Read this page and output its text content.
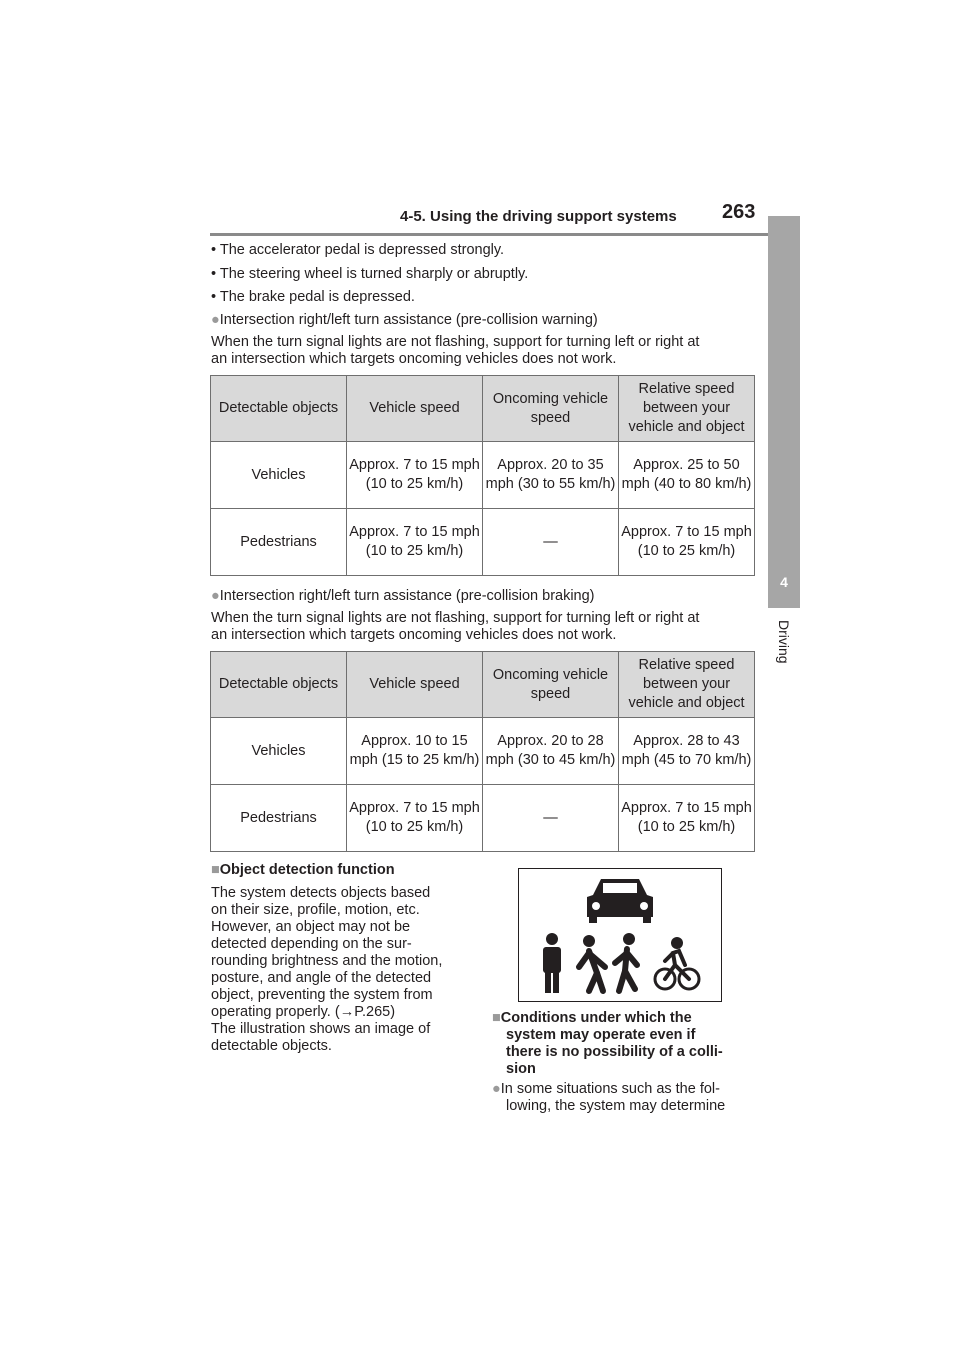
4-5. Using the driving support systems 263
4
Driving
• The accelerator pedal is depressed strongly.
• The steering wheel is turned sharply or abruptly.
• The brake pedal is depressed.
●Intersection right/left turn assistance (pre-collision warning)
When the turn signal lights are not flashing, support for turning left or right at
an intersection which targets oncoming vehicles does not work.
Detectable objects	Vehicle speed	Oncoming vehicle speed	Relative speed between your vehicle and object
Vehicles	Approx. 7 to 15 mph (10 to 25 km/h)	Approx. 20 to 35 mph (30 to 55 km/h)	Approx. 25 to 50 mph (40 to 80 km/h)
Pedestrians	Approx. 7 to 15 mph (10 to 25 km/h)	—	Approx. 7 to 15 mph (10 to 25 km/h)
●Intersection right/left turn assistance (pre-collision braking)
When the turn signal lights are not flashing, support for turning left or right at
an intersection which targets oncoming vehicles does not work.
Detectable objects	Vehicle speed	Oncoming vehicle speed	Relative speed between your vehicle and object
Vehicles	Approx. 10 to 15 mph (15 to 25 km/h)	Approx. 20 to 28 mph (30 to 45 km/h)	Approx. 28 to 43 mph (45 to 70 km/h)
Pedestrians	Approx. 7 to 15 mph (10 to 25 km/h)	—	Approx. 7 to 15 mph (10 to 25 km/h)
■Object detection function
The system detects objects based
on their size, profile, motion, etc.
However, an object may not be
detected depending on the sur-
rounding brightness and the motion,
posture, and angle of the detected
object, preventing the system from
operating properly. (→P.265)
The illustration shows an image of
detectable objects.
■Conditions under which the
system may operate even if
there is no possibility of a colli-
sion
●In some situations such as the fol-
lowing, the system may determine
